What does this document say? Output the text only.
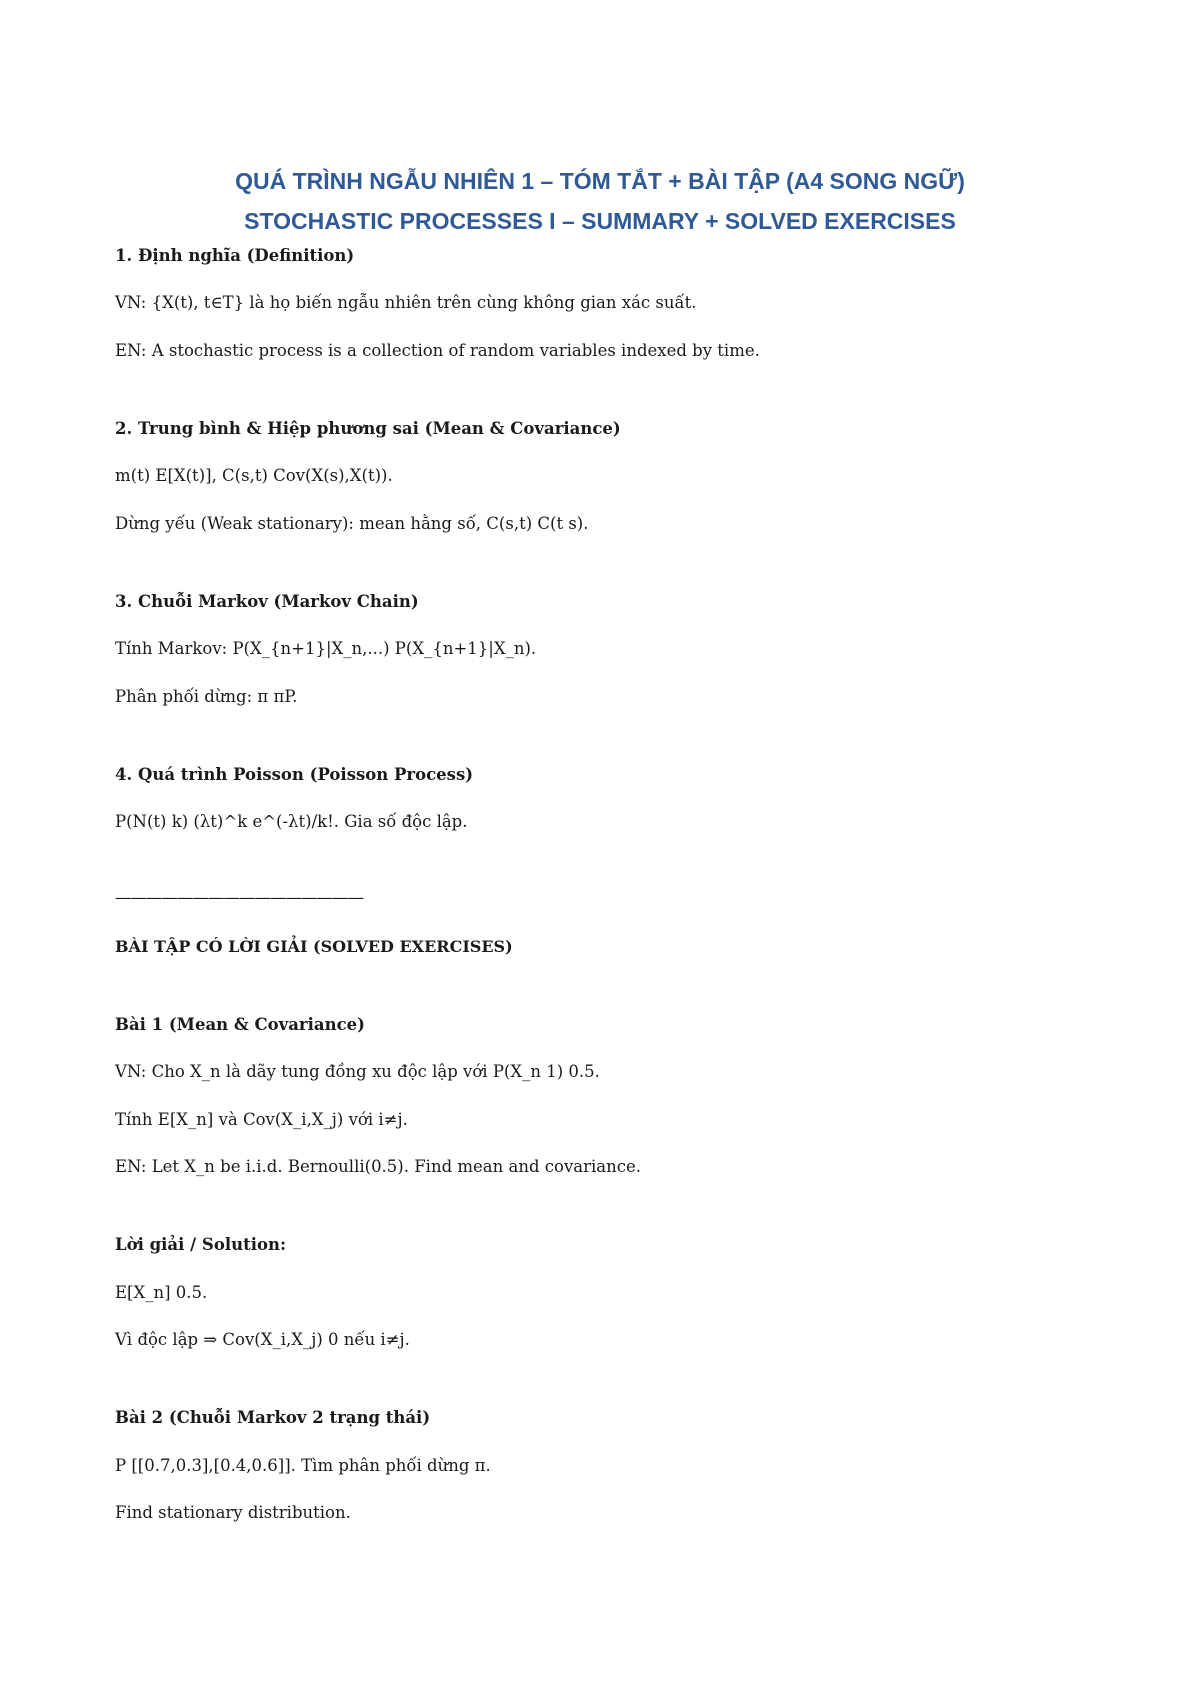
QUÁ TRÌNH NGẪU NHIÊN 1 – TÓM TẮT + BÀI TẬP (A4 SONG NGỮ)
STOCHASTIC PROCESSES I – SUMMARY + SOLVED EXERCISES
1. Định nghĩa (Definition)
VN: {X(t), t∈T} là họ biến ngẫu nhiên trên cùng không gian xác suất.
EN: A stochastic process is a collection of random variables indexed by time.
2. Trung bình & Hiệp phương sai (Mean & Covariance)
m(t) E[X(t)], C(s,t) Cov(X(s),X(t)).
Dừng yếu (Weak stationary): mean hằng số, C(s,t) C(t s).
3. Chuỗi Markov (Markov Chain)
Tính Markov: P(X_{n+1}|X_n,...) P(X_{n+1}|X_n).
Phân phối dừng: π πP.
4. Quá trình Poisson (Poisson Process)
P(N(t) k) (λt)^k e^(-λt)/k!. Gia số độc lập.
————————————————
BÀI TẬP CÓ LỜI GIẢI (SOLVED EXERCISES)
Bài 1 (Mean & Covariance)
VN: Cho X_n là dãy tung đồng xu độc lập với P(X_n 1) 0.5.
Tính E[X_n] và Cov(X_i,X_j) với i≠j.
EN: Let X_n be i.i.d. Bernoulli(0.5). Find mean and covariance.
Lời giải / Solution:
E[X_n] 0.5.
Vì độc lập ⇒ Cov(X_i,X_j) 0 nếu i≠j.
Bài 2 (Chuỗi Markov 2 trạng thái)
P [[0.7,0.3],[0.4,0.6]]. Tìm phân phối dừng π.
Find stationary distribution.
